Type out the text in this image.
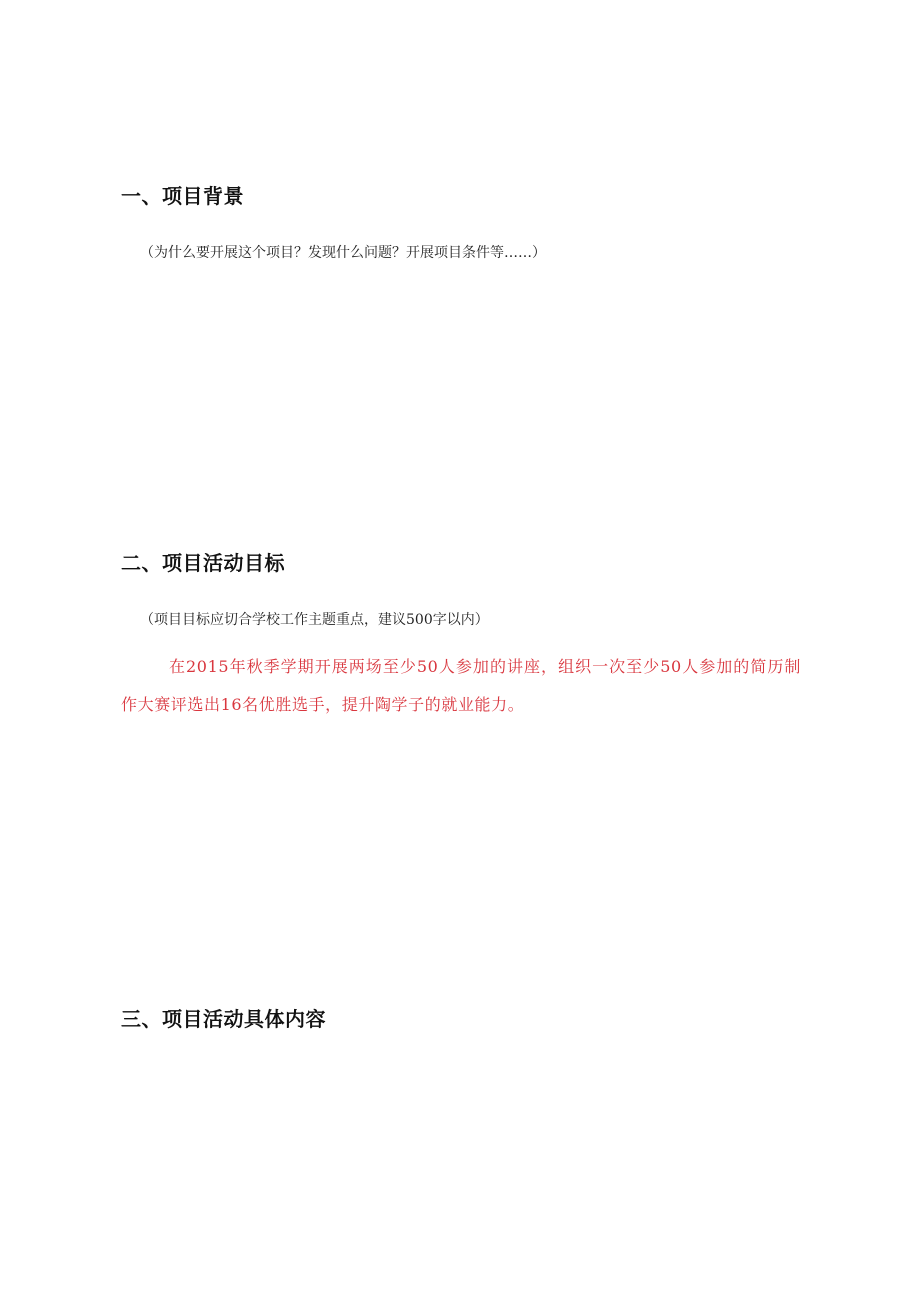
一、项目背景

（为什么要开展这个项目？发现什么问题？开展项目条件等……）

二、项目活动目标

（项目目标应切合学校工作主题重点，建议500字以内）

在2015年秋季学期开展两场至少50人参加的讲座，组织一次至少50人参加的简历制作大赛评选出16名优胜选手，提升陶学子的就业能力。

三、项目活动具体内容
